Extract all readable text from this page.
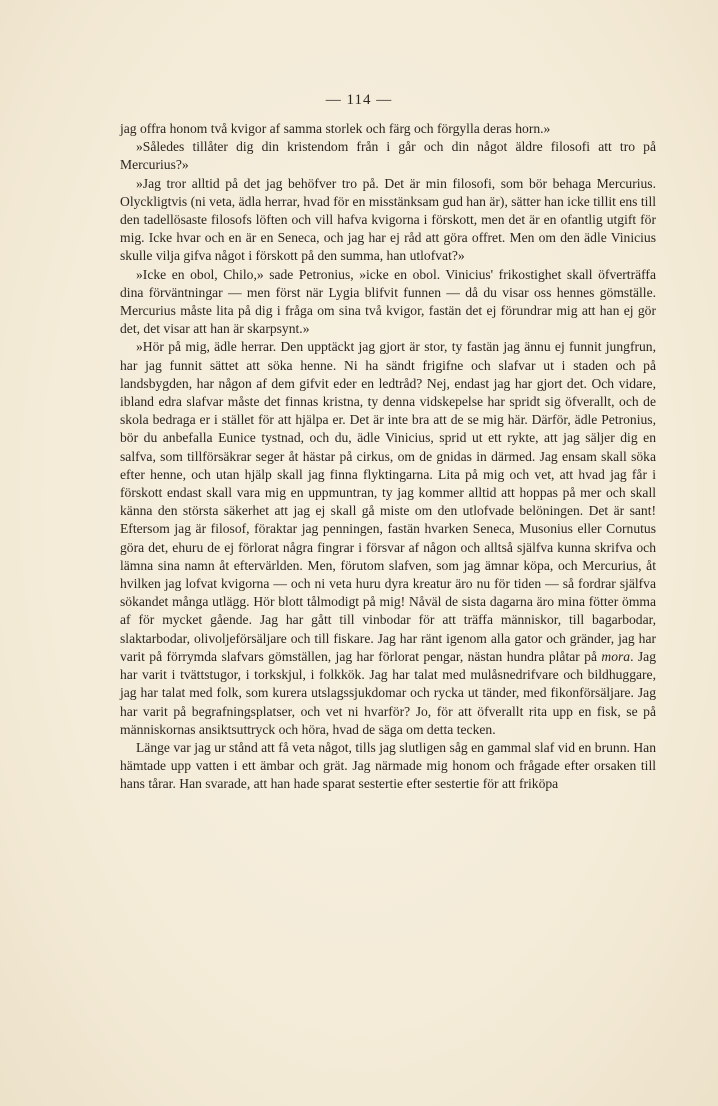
— 114 —

jag offra honom två kvigor af samma storlek och färg och förgylla deras horn.»

»Således tillåter dig din kristendom från i går och din något äldre filosofi att tro på Mercurius?»

»Jag tror alltid på det jag behöfver tro på. Det är min filosofi, som bör behaga Mercurius. Olyckligtvis (ni veta, ädla herrar, hvad för en misstänksam gud han är), sätter han icke tillit ens till den tadellösaste filosofs löften och vill hafva kvigorna i förskott, men det är en ofantlig utgift för mig. Icke hvar och en är en Seneca, och jag har ej råd att göra offret. Men om den ädle Vinicius skulle vilja gifva något i förskott på den summa, han utlofvat?»

»Icke en obol, Chilo,» sade Petronius, »icke en obol. Vinicius' frikostighet skall öfverträffa dina förväntningar — men först när Lygia blifvit funnen — då du visar oss hennes gömställe. Mercurius måste lita på dig i fråga om sina två kvigor, fastän det ej förundrar mig att han ej gör det, det visar att han är skarpsynt.»

»Hör på mig, ädle herrar. Den upptäckt jag gjort är stor, ty fastän jag ännu ej funnit jungfrun, har jag funnit sättet att söka henne. Ni ha sändt frigifne och slafvar ut i staden och på landsbygden, har någon af dem gifvit eder en ledtråd? Nej, endast jag har gjort det. Och vidare, ibland edra slafvar måste det finnas kristna, ty denna vidskepelse har spridt sig öfverallt, och de skola bedraga er i stället för att hjälpa er. Det är inte bra att de se mig här. Därför, ädle Petronius, bör du anbefalla Eunice tystnad, och du, ädle Vinicius, sprid ut ett rykte, att jag säljer dig en salfva, som tillförsäkrar seger åt hästar på cirkus, om de gnidas in därmed. Jag ensam skall söka efter henne, och utan hjälp skall jag finna flyktingarna. Lita på mig och vet, att hvad jag får i förskott endast skall vara mig en uppmuntran, ty jag kommer alltid att hoppas på mer och skall känna den största säkerhet att jag ej skall gå miste om den utlofvade belöningen. Det är sant! Eftersom jag är filosof, föraktar jag penningen, fastän hvarken Seneca, Musonius eller Cornutus göra det, ehuru de ej förlorat några fingrar i försvar af någon och alltså själfva kunna skrifva och lämna sina namn åt eftervärlden. Men, förutom slafven, som jag ämnar köpa, och Mercurius, åt hvilken jag lofvat kvigorna — och ni veta huru dyra kreatur äro nu för tiden — så fordrar själfva sökandet många utlägg. Hör blott tålmodigt på mig! Nåväl de sista dagarna äro mina fötter ömma af för mycket gående. Jag har gått till vinbodar för att träffa människor, till bagarbodar, slaktarbodar, olivoljeförsäljare och till fiskare. Jag har ränt igenom alla gator och gränder, jag har varit på förrymda slafvars gömställen, jag har förlorat pengar, nästan hundra plåtar på mora. Jag har varit i tvättstugor, i torkskjul, i folkkök. Jag har talat med mulåsnedrifvare och bildhuggare, jag har talat med folk, som kurera utslagssjukdomar och rycka ut tänder, med fikonförsäljare. Jag har varit på begrafningsplatser, och vet ni hvarför? Jo, för att öfverallt rita upp en fisk, se på människornas ansiktsuttryck och höra, hvad de säga om detta tecken.

Länge var jag ur stånd att få veta något, tills jag slutligen såg en gammal slaf vid en brunn. Han hämtade upp vatten i ett ämbar och grät. Jag närmade mig honom och frågade efter orsaken till hans tårar. Han svarade, att han hade sparat sestertie efter sestertie för att friköpa
